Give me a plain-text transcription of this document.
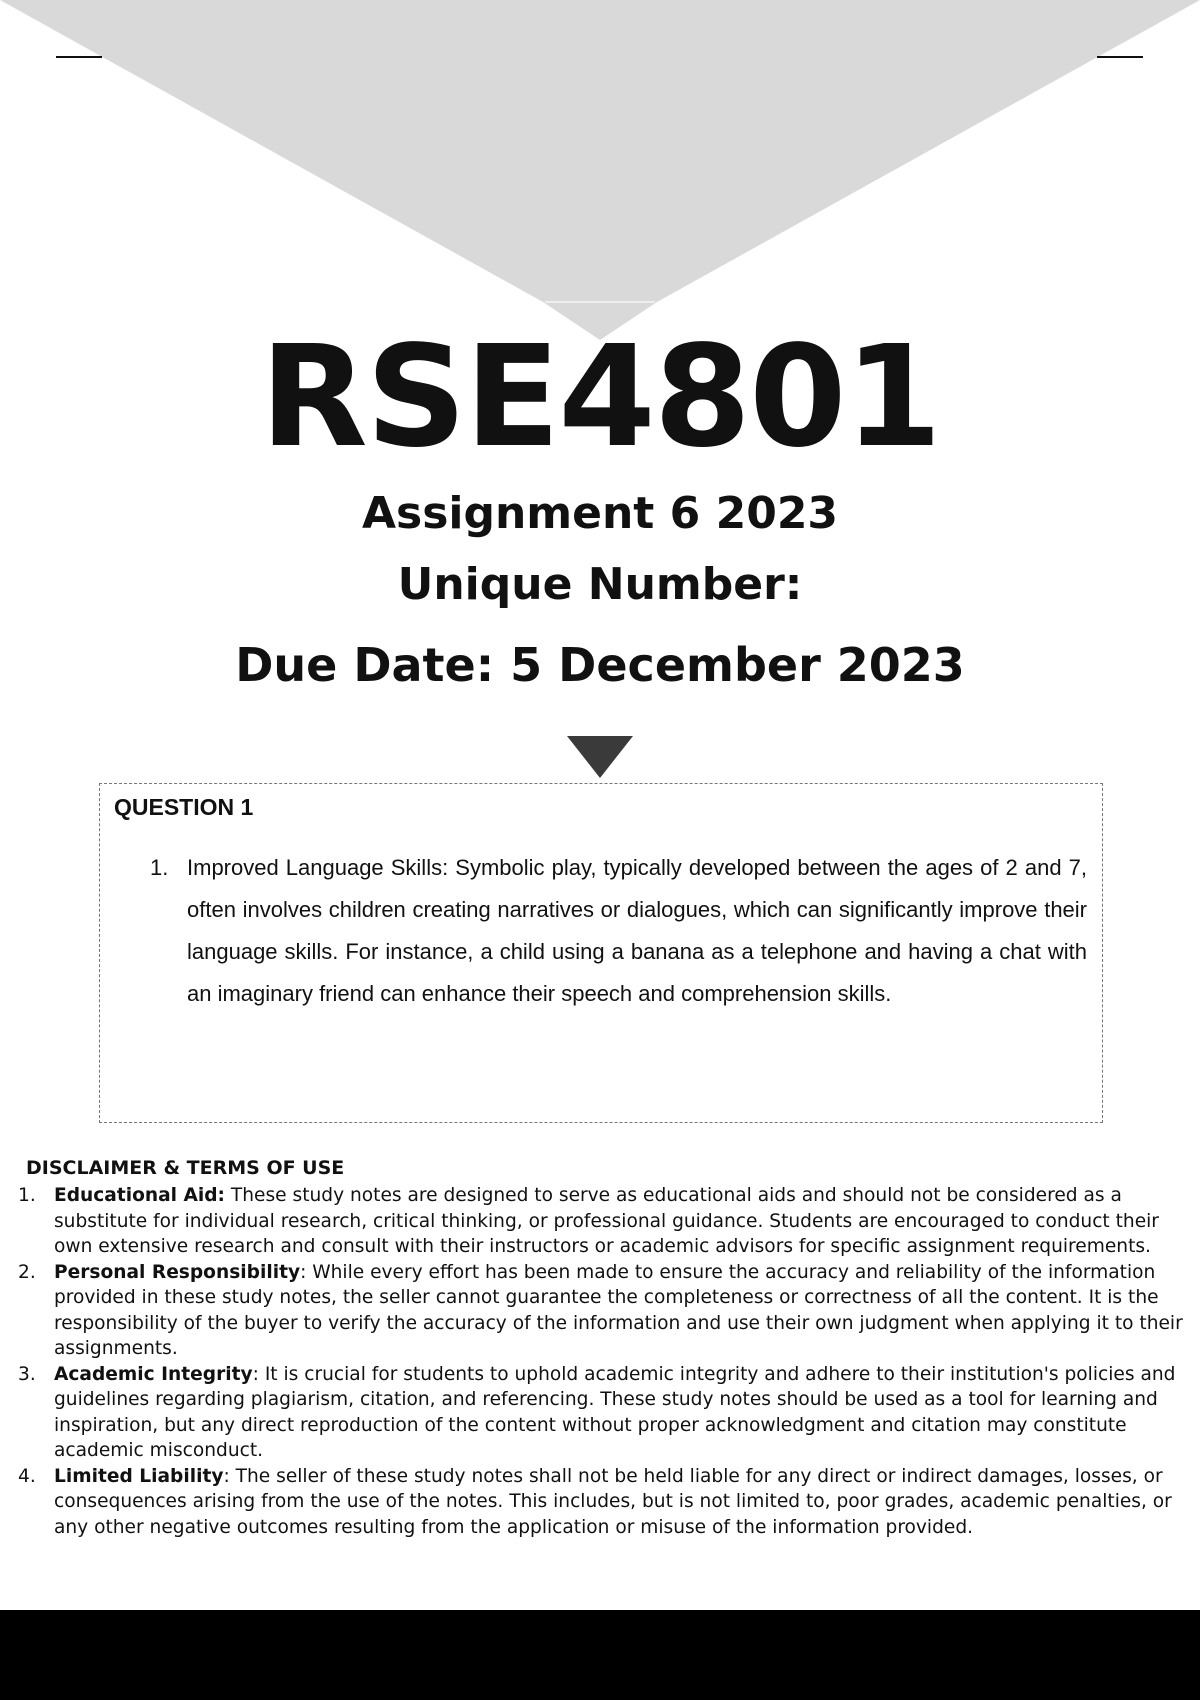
RSE4801
Assignment 6 2023
Unique Number:
Due Date: 5 December 2023
QUESTION 1
1. Improved Language Skills: Symbolic play, typically developed between the ages of 2 and 7, often involves children creating narratives or dialogues, which can significantly improve their language skills. For instance, a child using a banana as a telephone and having a chat with an imaginary friend can enhance their speech and comprehension skills.

DISCLAIMER & TERMS OF USE
1. Educational Aid: These study notes are designed to serve as educational aids and should not be considered as a substitute for individual research, critical thinking, or professional guidance. Students are encouraged to conduct their own extensive research and consult with their instructors or academic advisors for specific assignment requirements.
2. Personal Responsibility: While every effort has been made to ensure the accuracy and reliability of the information provided in these study notes, the seller cannot guarantee the completeness or correctness of all the content. It is the responsibility of the buyer to verify the accuracy of the information and use their own judgment when applying it to their assignments.
3. Academic Integrity: It is crucial for students to uphold academic integrity and adhere to their institution's policies and guidelines regarding plagiarism, citation, and referencing. These study notes should be used as a tool for learning and inspiration, but any direct reproduction of the content without proper acknowledgment and citation may constitute academic misconduct.
4. Limited Liability: The seller of these study notes shall not be held liable for any direct or indirect damages, losses, or consequences arising from the use of the notes. This includes, but is not limited to, poor grades, academic penalties, or any other negative outcomes resulting from the application or misuse of the information provided.
